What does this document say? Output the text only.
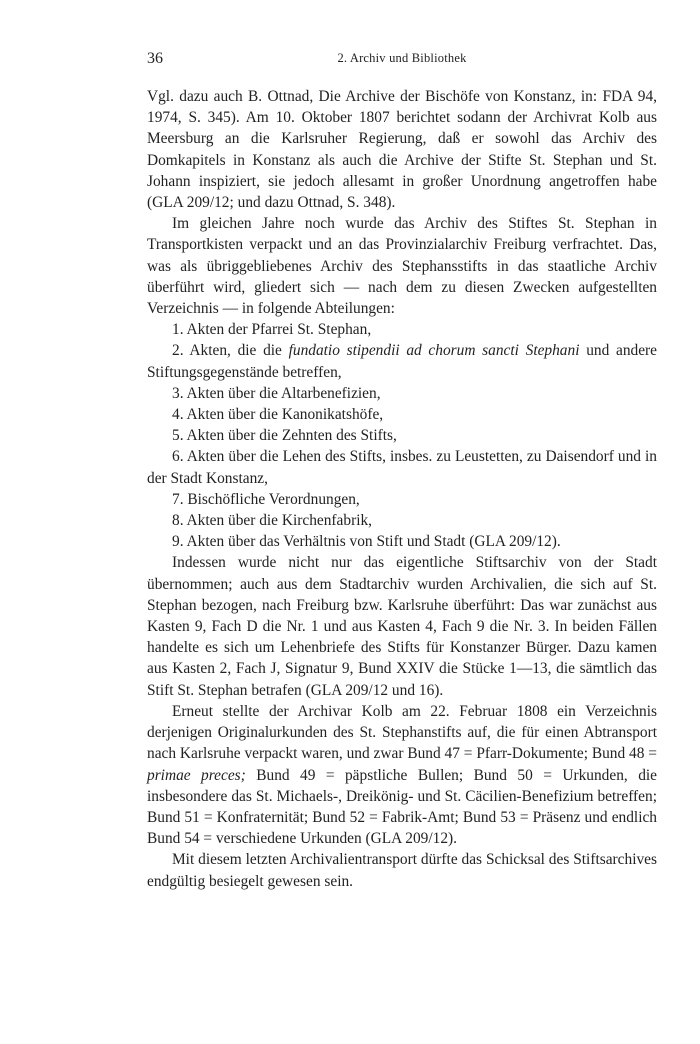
36	2. Archiv und Bibliothek

Vgl. dazu auch B. Ottnad, Die Archive der Bischöfe von Konstanz, in: FDA 94, 1974, S. 345). Am 10. Oktober 1807 berichtet sodann der Archivrat Kolb aus Meersburg an die Karlsruher Regierung, daß er sowohl das Archiv des Domkapitels in Konstanz als auch die Archive der Stifte St. Stephan und St. Johann inspiziert, sie jedoch allesamt in großer Unordnung angetroffen habe (GLA 209/12; und dazu Ottnad, S. 348).

Im gleichen Jahre noch wurde das Archiv des Stiftes St. Stephan in Transportkisten verpackt und an das Provinzialarchiv Freiburg verfrachtet. Das, was als übriggebliebenes Archiv des Stephansstifts in das staatliche Archiv überführt wird, gliedert sich — nach dem zu diesen Zwecken aufgestellten Verzeichnis — in folgende Abteilungen:

1. Akten der Pfarrei St. Stephan,
2. Akten, die die fundatio stipendii ad chorum sancti Stephani und andere Stiftungsgegenstände betreffen,
3. Akten über die Altarbenefizien,
4. Akten über die Kanonikatshöfe,
5. Akten über die Zehnten des Stifts,
6. Akten über die Lehen des Stifts, insbes. zu Leustetten, zu Daisendorf und in der Stadt Konstanz,
7. Bischöfliche Verordnungen,
8. Akten über die Kirchenfabrik,
9. Akten über das Verhältnis von Stift und Stadt (GLA 209/12).

Indessen wurde nicht nur das eigentliche Stiftsarchiv von der Stadt übernommen; auch aus dem Stadtarchiv wurden Archivalien, die sich auf St. Stephan bezogen, nach Freiburg bzw. Karlsruhe überführt: Das war zunächst aus Kasten 9, Fach D die Nr. 1 und aus Kasten 4, Fach 9 die Nr. 3. In beiden Fällen handelte es sich um Lehenbriefe des Stifts für Konstanzer Bürger. Dazu kamen aus Kasten 2, Fach J, Signatur 9, Bund XXIV die Stücke 1—13, die sämtlich das Stift St. Stephan betrafen (GLA 209/12 und 16).

Erneut stellte der Archivar Kolb am 22. Februar 1808 ein Verzeichnis derjenigen Originalurkunden des St. Stephanstifts auf, die für einen Abtransport nach Karlsruhe verpackt waren, und zwar Bund 47 = Pfarr-Dokumente; Bund 48 = primae preces; Bund 49 = päpstliche Bullen; Bund 50 = Urkunden, die insbesondere das St. Michaels-, Dreikönig- und St. Cäcilien-Benefizium betreffen; Bund 51 = Konfraternität; Bund 52 = Fabrik-Amt; Bund 53 = Präsenz und endlich Bund 54 = verschiedene Urkunden (GLA 209/12).

Mit diesem letzten Archivalientransport dürfte das Schicksal des Stiftsarchives endgültig besiegelt gewesen sein.
